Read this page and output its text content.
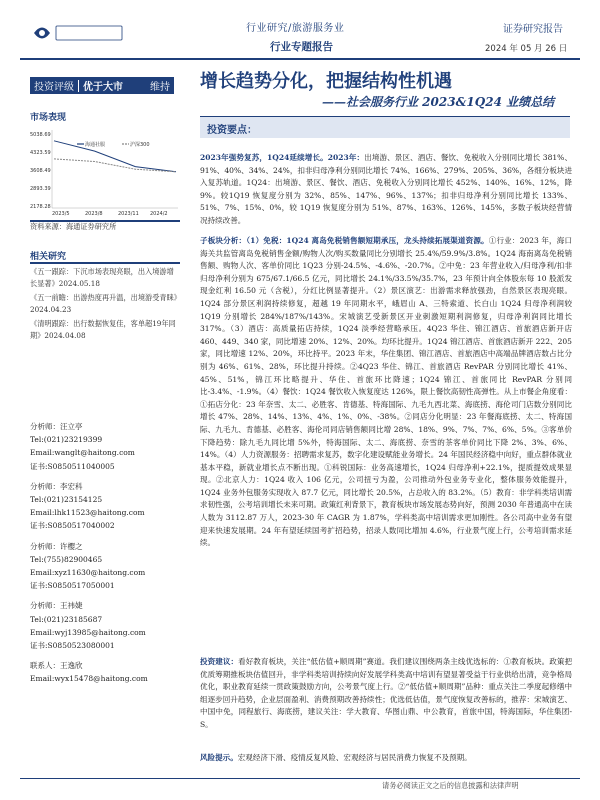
行业研究/旅游服务业
行业专题报告
证券研究报告
2024 年 05 月 26 日
投资评级 优于大市	维持 增长趋势分化，把握结构性机遇
——社会服务行业 2023&1Q24 业绩总结
市场表现
5038.69
4323.59
3608.49
2893.39
2178.28
2023/5	2023/8	2023/11 2024/2
海通社服	沪深300
资料来源：海通证券研究所
相关研究
《五一跟踪：下沉市场表现亮眼，出入境游增长显著》2024.05.18
《五一前瞻：出游热度再升温，出境游受青睐》2024.04.23
《清明跟踪：出行数据恢复佳，客单超19年同期》2024.04.08
分析师：汪立亭
Tel:(021)23219399
Email:wanglt@haitong.com
证书:S0850511040005
分析师：李宏科
Tel:(021)23154125
Email:lhk11523@haitong.com
证书:S0850517040002
分析师：许樱之
Tel:(755)82900465
Email:xyz11630@haitong.com
证书:S0850517050001
分析师：王祎婕
Tel:(021)23185687
Email:wyj13985@haitong.com
证书:S0850523080001
联系人：王逸欣
Email:wyx15478@haitong.com
投资要点：
2023年强势复苏，1Q24延续增长。2023年：出境游、景区、酒店、餐饮、免税收入分别同比增长 381%、91%、40%、34%、24%，扣非归母净利分别同比增长 74%、166%、279%、205%、36%，各细分板块进入复苏轨道。1Q24：出境游、景区、餐饮、酒店、免税收入分别同比增长 452%、140%、16%、12%，降 9%。较1Q19 恢复度分别为 32%、85%、147%、96%、137%；扣非归母净利分别同比增长 133%、51%、7%、15%、0%，较 1Q19 恢复度分别为 51%、87%、163%、126%、145%，多数子板块经营情况持续改善。
子板块分析：（1）免税：1Q24 离岛免税销售额短期承压，龙头持续拓展渠道资源。①行业：2023 年，海口海关共监管离岛免税销售金额/购物人次/购买数量同比分别增长 25.4%/59.9%/3.8%。1Q24 海南离岛免税销售额、购物人次、客单价同比 1Q23 分别-24.5%、-4.6%、-20.7%。②中免：23 年营业收入/归母净利/扣非归母净利分别为 675/67.1/66.5 亿元，同比增长 24.1%/33.5%/35.7%，23 年预计向全体股东每 10 股派发现金红利 16.50 元（含税），分红比例显著提升。（2）景区演艺：出游需求释放强劲，自然景区表现亮眼。1Q24 部分景区利润持续修复，超越 19 年同期水平，峨眉山 A、三特索道、长白山 1Q24 归母净利润较 1Q19 分别增长 284%/187%/143%。宋城演艺受新景区开业刺激短期利润修复，归母净利润同比增长 317%。（3）酒店：高质量拓店持续，1Q24 淡季经营略承压。4Q23 华住、锦江酒店、首旅酒店新开店 460、449、340 家，同比增速 20%、12%、20%。均环比提升。1Q24 锦江酒店、首旅酒店新开 222、205 家，同比增速 12%、20%，环比持平。2023 年末，华住集团、锦江酒店、首旅酒店中高端品牌酒店数占比分别为 46%、61%、28%，环比提升持续。②4Q23 华住、锦江、首旅酒店 RevPAR 分别同比增长 41%、45%、51%，锦江环比略提升、华住、首旅环比降速；1Q24 锦江、首旅同比 RevPAR 分别同比-3.4%、-1.9%。（4）餐饮：1Q24 餐饮收入恢复度达 126%，限上餐饮高韧性高弹性。从上市餐企角度看：①拓店分化：23 年奈雪、太二、必胜客、肯德基、特海国际、九毛九西北菜、海底捞、海伦司门店数分别同比增长 47%、28%、14%、13%、4%、1%、0%、-38%。②同店分化明显：23 年餐海底捞、太二、特海国际、九毛九、肯德基、必胜客、海伦司同店销售额同比增 28%、18%、9%、7%、7%、6%、5%。③客单价下降趋势：除九毛九同比增 5%外，特海国际、太二、海底捞、奈雪的茶客单价同比下降 2%、3%、6%、14%。（4）人力资源服务：招聘需求复苏，数字化建设赋能业务增长。24 年国民经济稳中向好，重点群体就业基本平稳，新就业增长点不断出现。①科锐国际：业务高速增长，1Q24 归母净利+22.1%，提质提效成果显现。②北京人力：1Q24 收入 106 亿元，公司扭亏为盈，公司推动外包业务专业化，整体服务效能提升，1Q24 业务外包服务实现收入 87.7 亿元，同比增长 20.5%，占总收入的 83.2%。（5）教育：非学科类培训需求韧性强，公考培训增长未来可期。政策红利背景下，教育板块市场发展态势向好，预测 2030 年普通高中在读人数为 3112.87 万人，2023-30 年 CAGR 为 1.87%，学科类高中培训需求更加刚性。各公司高中业务有望迎来快速发展期。24 年有望延续国考扩招趋势，招录人数同比增加 4.6%，行业景气度上行，公考培训需求延续。
投资建议：看好教育板块，关注“低估值+顺周期”赛道。我们建议围绕两条主线优选标的：①教育板块。政策把优质筹期推板块估值回升，非学科类培训持续向好发展学科类高中培训有望显著受益于行业供给出清，竞争格局优化，职业教育延续一贯政策鼓励方向，公考景气度上行。②“低估值+顺周期”品种：重点关注二季度起修缮中组逐步回升趋势，企业层面盈利、消费预期改善持续性；优选低估值，景气度恢复改善标的，推荐：宋城演艺、中国中免，同程旅行、海底捞，建议关注：学大教育、华图山鼎、中公教育，首旅中国，特海国际，华住集团-S。
风险提示。宏观经济下滑、疫情反复风险、宏观经济与居民消费力恢复不及预期。
请务必阅读正文之后的信息披露和法律声明
